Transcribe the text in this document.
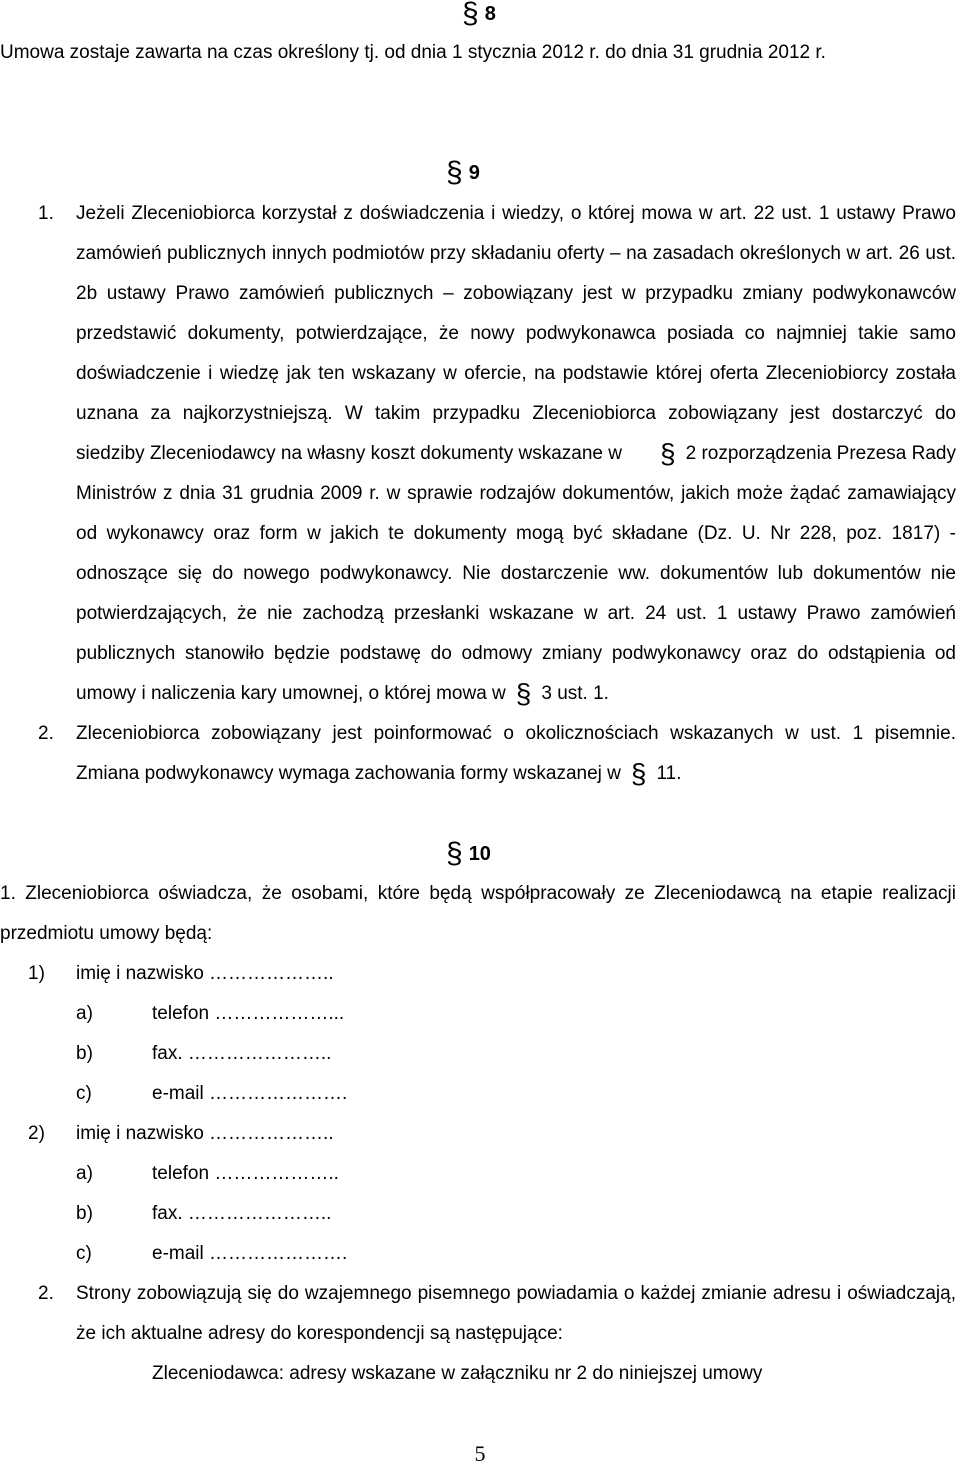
§ 8
Umowa zostaje zawarta na czas określony tj. od dnia 1 stycznia 2012 r. do dnia 31 grudnia 2012 r.
§ 9
1. Jeżeli Zleceniobiorca korzystał z doświadczenia i wiedzy, o której mowa w art. 22 ust. 1 ustawy Prawo
zamówień publicznych innych podmiotów przy składaniu oferty – na zasadach określonych w art. 26 ust.
2b ustawy Prawo zamówień publicznych – zobowiązany jest w przypadku zmiany podwykonawców
przedstawić dokumenty, potwierdzające, że nowy podwykonawca posiada co najmniej takie samo
doświadczenie i wiedzę jak ten wskazany w ofercie, na podstawie której oferta Zleceniobiorcy została
uznana za najkorzystniejszą. W takim przypadku Zleceniobiorca zobowiązany jest dostarczyć do
siedziby Zleceniodawcy na własny koszt dokumenty wskazane w § 2 rozporządzenia Prezesa Rady
Ministrów z dnia 31 grudnia 2009 r. w sprawie rodzajów dokumentów, jakich może żądać zamawiający
od wykonawcy oraz form w jakich te dokumenty mogą być składane (Dz. U. Nr 228, poz. 1817) -
odnoszące się do nowego podwykonawcy. Nie dostarczenie ww. dokumentów lub dokumentów nie
potwierdzających, że nie zachodzą przesłanki wskazane w art. 24 ust. 1 ustawy Prawo zamówień
publicznych stanowiło będzie podstawę do odmowy zmiany podwykonawcy oraz do odstąpienia od
umowy i naliczenia kary umownej, o której mowa w § 3 ust. 1.
2. Zleceniobiorca zobowiązany jest poinformować o okolicznościach wskazanych w ust. 1 pisemnie.
Zmiana podwykonawcy wymaga zachowania formy wskazanej w § 11.
§ 10
1. Zleceniobiorca oświadcza, że osobami, które będą współpracowały ze Zleceniodawcą na etapie realizacji
przedmiotu umowy będą:
1) imię i nazwisko ………………..
a)	telefon ………………...
b)	fax. …………………..
c)	e-mail ………………….
2) imię i nazwisko ………………..
a)	telefon ………………..
b)	fax. …………………..
c)	e-mail ………………….
2. Strony zobowiązują się do wzajemnego pisemnego powiadamia o każdej zmianie adresu i oświadczają,
że ich aktualne adresy do korespondencji są następujące:
Zleceniodawca: adresy wskazane w załączniku nr 2 do niniejszej umowy
5
